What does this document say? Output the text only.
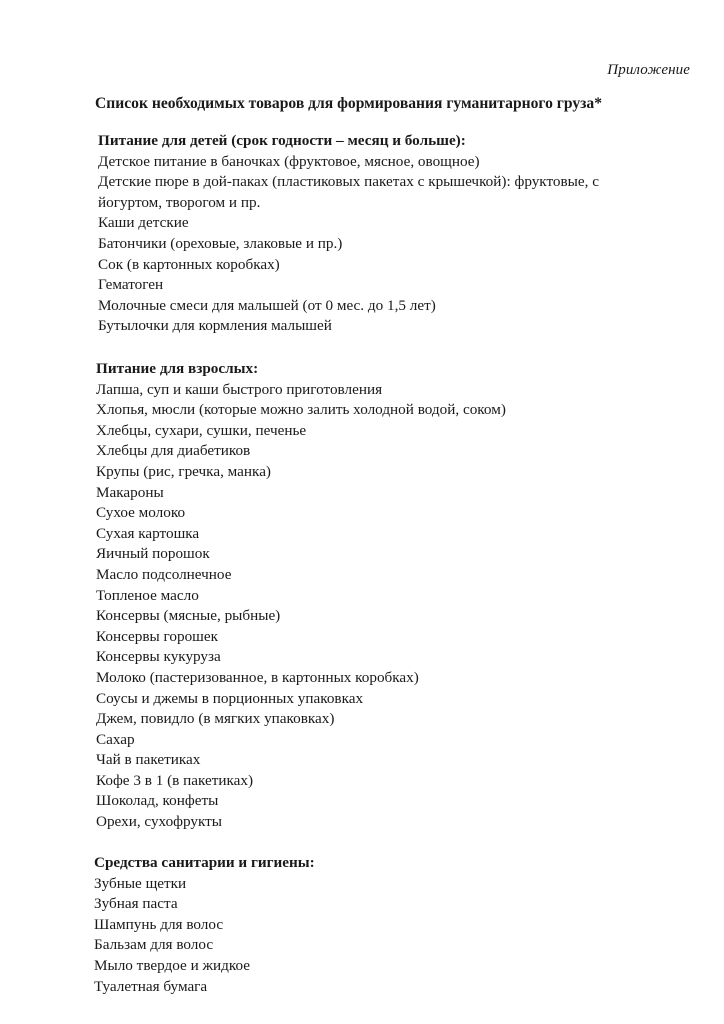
Приложение
Список необходимых товаров для формирования гуманитарного груза*

Питание для детей (срок годности – месяц и больше):

Детское питание в баночках (фруктовое, мясное, овощное)

Детские пюре в дой-паках (пластиковых пакетах с крышечкой): фруктовые, с йогуртом, творогом и пр.

Каши детские

Батончики (ореховые, злаковые и пр.)

Сок (в картонных коробках)

Гематоген

Молочные смеси для малышей (от 0 мес. до 1,5 лет)

Бутылочки для кормления малышей

Питание для взрослых:

Лапша, суп и каши быстрого приготовления

Хлопья, мюсли (которые можно залить холодной водой, соком)

Хлебцы, сухари, сушки, печенье

Хлебцы для диабетиков

Крупы (рис, гречка, манка)

Макароны

Сухое молоко

Сухая картошка

Яичный порошок

Масло подсолнечное

Топленое масло

Консервы (мясные, рыбные)

Консервы горошек

Консервы кукуруза

Молоко (пастеризованное, в картонных коробках)

Соусы и джемы в порционных упаковках

Джем, повидло (в мягких упаковках)

Сахар

Чай в пакетиках

Кофе 3 в 1 (в пакетиках)

Шоколад, конфеты

Орехи, сухофрукты

Средства санитарии и гигиены:

Зубные щетки

Зубная паста

Шампунь для волос

Бальзам для волос

Мыло твердое и жидкое

Туалетная бумага
